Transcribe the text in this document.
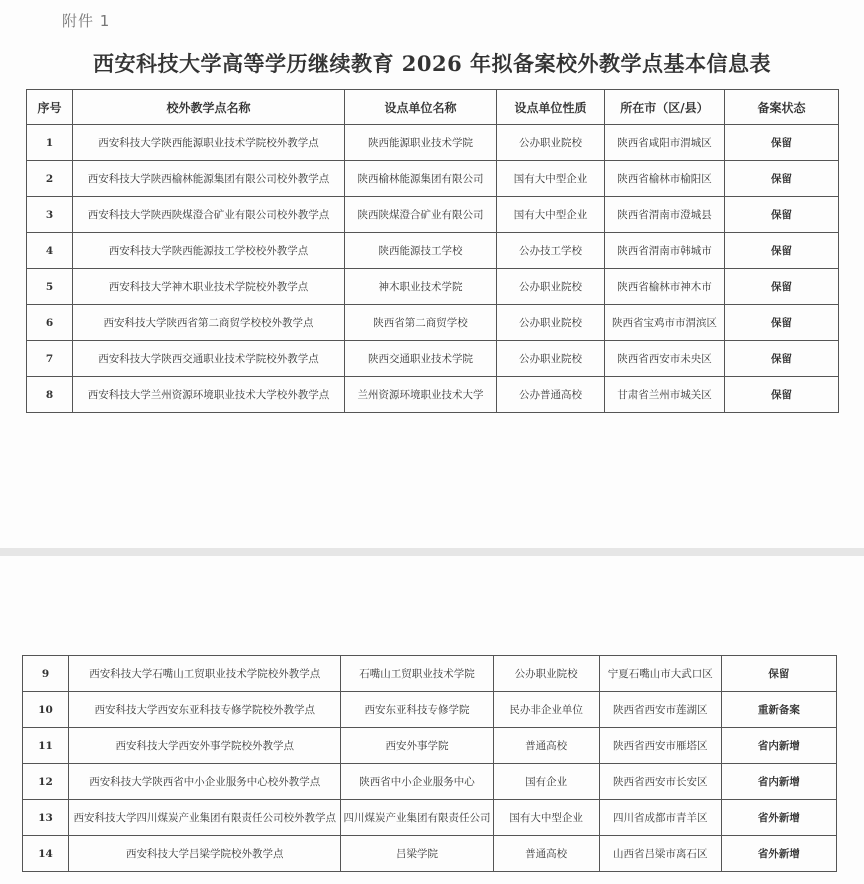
附件 1
西安科技大学高等学历继续教育 2026 年拟备案校外教学点基本信息表
序号	校外教学点名称	设点单位名称	设点单位性质	所在市（区/县）	备案状态
1	西安科技大学陕西能源职业技术学院校外教学点	陕西能源职业技术学院	公办职业院校	陕西省咸阳市渭城区	保留
2	西安科技大学陕西榆林能源集团有限公司校外教学点	陕西榆林能源集团有限公司	国有大中型企业	陕西省榆林市榆阳区	保留
3	西安科技大学陕西陕煤澄合矿业有限公司校外教学点	陕西陕煤澄合矿业有限公司	国有大中型企业	陕西省渭南市澄城县	保留
4	西安科技大学陕西能源技工学校校外教学点	陕西能源技工学校	公办技工学校	陕西省渭南市韩城市	保留
5	西安科技大学神木职业技术学院校外教学点	神木职业技术学院	公办职业院校	陕西省榆林市神木市	保留
6	西安科技大学陕西省第二商贸学校校外教学点	陕西省第二商贸学校	公办职业院校	陕西省宝鸡市市渭滨区	保留
7	西安科技大学陕西交通职业技术学院校外教学点	陕西交通职业技术学院	公办职业院校	陕西省西安市未央区	保留
8	西安科技大学兰州资源环境职业技术大学校外教学点	兰州资源环境职业技术大学	公办普通高校	甘肃省兰州市城关区	保留
9	西安科技大学石嘴山工贸职业技术学院校外教学点	石嘴山工贸职业技术学院	公办职业院校	宁夏石嘴山市大武口区	保留
10	西安科技大学西安东亚科技专修学院校外教学点	西安东亚科技专修学院	民办非企业单位	陕西省西安市莲湖区	重新备案
11	西安科技大学西安外事学院校外教学点	西安外事学院	普通高校	陕西省西安市雁塔区	省内新增
12	西安科技大学陕西省中小企业服务中心校外教学点	陕西省中小企业服务中心	国有企业	陕西省西安市长安区	省内新增
13	西安科技大学四川煤炭产业集团有限责任公司校外教学点	四川煤炭产业集团有限责任公司	国有大中型企业	四川省成都市青羊区	省外新增
14	西安科技大学吕梁学院校外教学点	吕梁学院	普通高校	山西省吕梁市离石区	省外新增
